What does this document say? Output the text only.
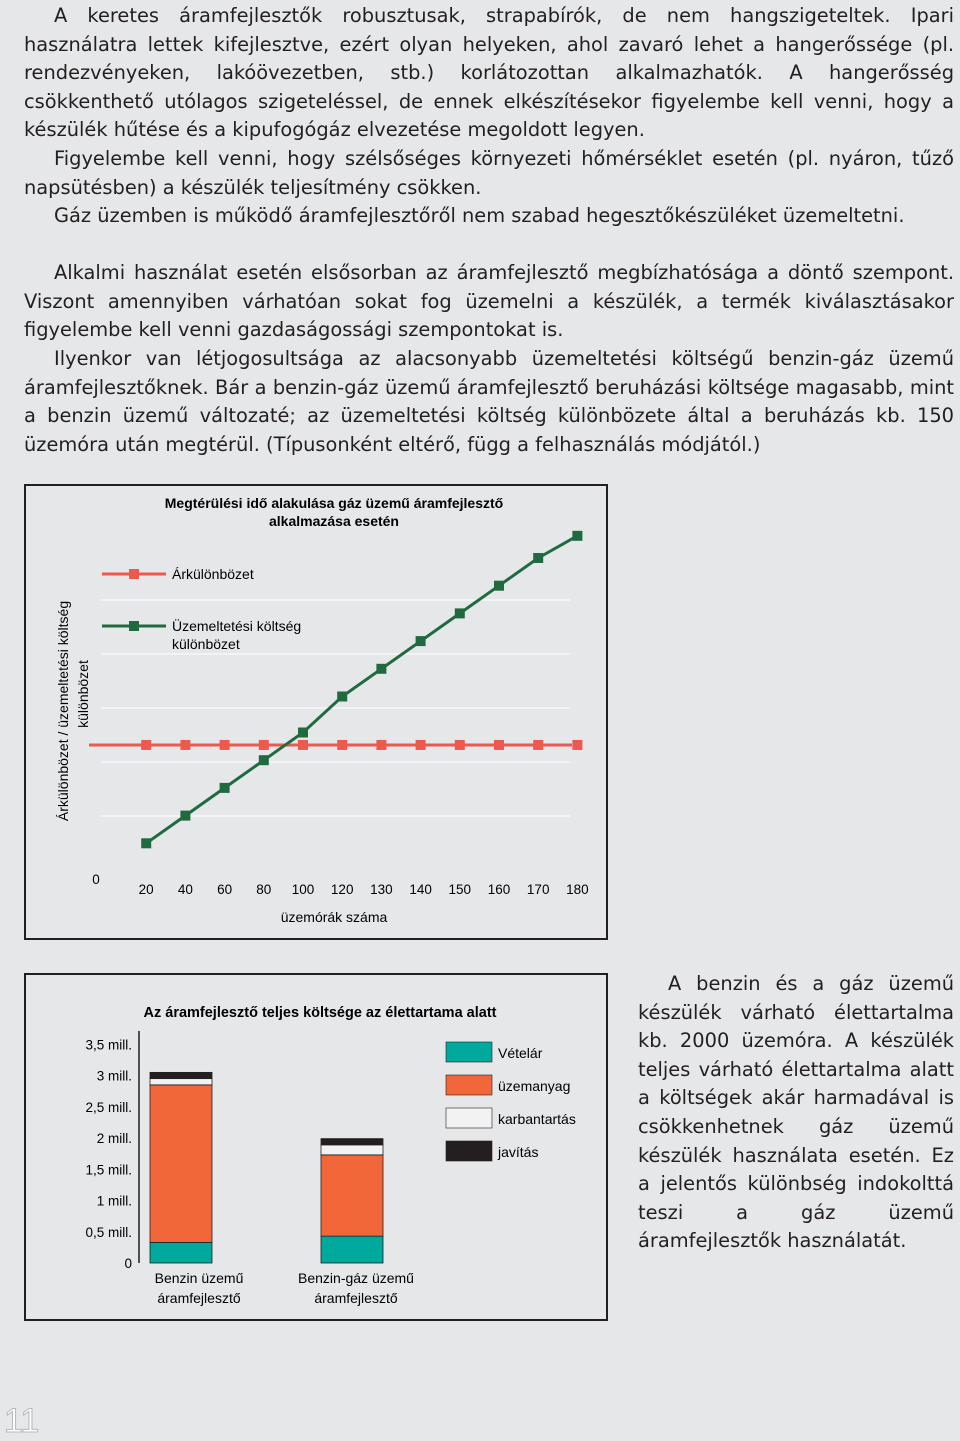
A keretes áramfejlesztők robusztusak, strapabírók, de nem hangszigeteltek. Ipari használatra lettek kifejlesztve, ezért olyan helyeken, ahol zavaró lehet a hangerőssége (pl. rendezvényeken, lakóövezetben, stb.) korlátozottan alkalmazhatók. A hangerősség csökkenthető utólagos szigeteléssel, de ennek elkészítésekor figyelembe kell venni, hogy a készülék hűtése és a kipufogógáz elvezetése megoldott legyen.

Figyelembe kell venni, hogy szélsőséges környezeti hőmérséklet esetén (pl. nyáron, tűző napsütésben) a készülék teljesítmény csökken.

Gáz üzemben is működő áramfejlesztőről nem szabad hegesztőkészüléket üzemeltetni.

Alkalmi használat esetén elsősorban az áramfejlesztő megbízhatósága a döntő szempont. Viszont amennyiben várhatóan sokat fog üzemelni a készülék, a termék kiválasztásakor figyelembe kell venni gazdaságossági szempontokat is.

Ilyenkor van létjogosultsága az alacsonyabb üzemeltetési költségű benzin-gáz üzemű áramfejlesztőknek. Bár a benzin-gáz üzemű áramfejlesztő beruházási költsége magasabb, mint a benzin üzemű változaté; az üzemeltetési költség különbözete által a beruházás kb. 150 üzemóra után megtérül. (Típusonként eltérő, függ a felhasználás módjától.)

Megtérülési idő alakulása gáz üzemű áramfejlesztő
alkalmazása esetén
Árkülönbözet
Üzemeltetési költség
különbözet
0
20 40 60 80 100 120 130 140 150 160 170 180
üzemórák száma
Árkülönbözet / üzemeltetési költség különbözet
Az áramfejlesztő teljes költsége az élettartama alatt
0
0,5 mill.
1 mill.
1,5 mill.
2 mill.
2,5 mill.
3 mill.
3,5 mill.
Benzin üzemű
áramfejlesztő
Benzin-gáz üzemű
áramfejlesztő
Vételár
üzemanyag
karbantartás
javítás

A benzin és a gáz üzemű készülék várható élettartalma kb. 2000 üzemóra. A készülék teljes várható élettartalma alatt a költségek akár harmadával is csökkenhetnek gáz üzemű készülék használata esetén. Ez a jelentős különbség indokolttá teszi a gáz üzemű áramfejlesztők használatát.

11
